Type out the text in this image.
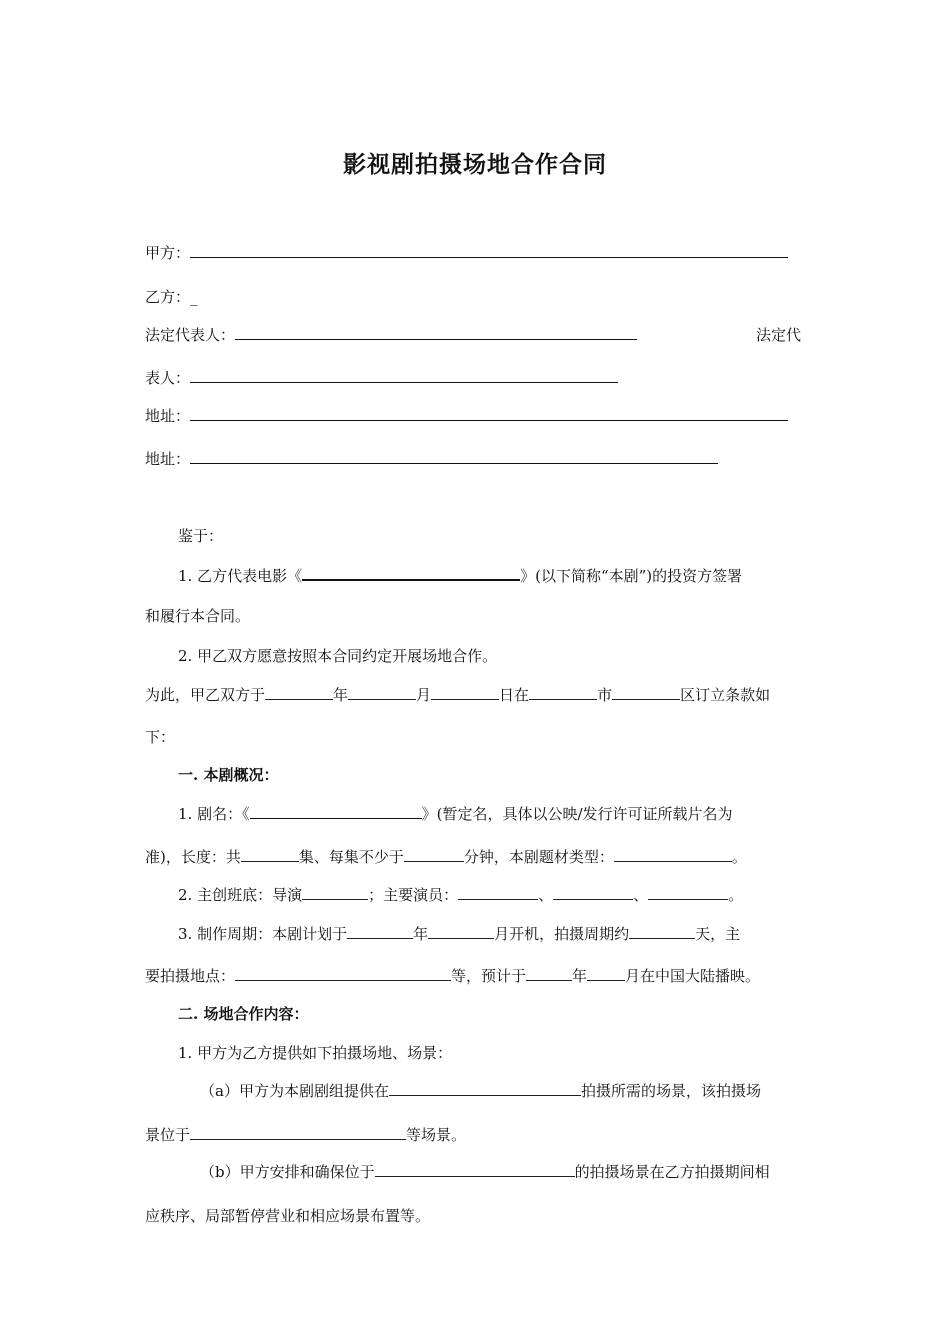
影视剧拍摄场地合作合同
甲方：
乙方：_
法定代表人：	法定代
表人：
地址：
地址：
鉴于：
1. 乙方代表电影《	》(以下简称“本剧”)的投资方签署
和履行本合同。
2. 甲乙双方愿意按照本合同约定开展场地合作。
为此，甲乙双方于	年	月	日在	市	区订立条款如
下：
一. 本剧概况：
1. 剧名：《	》(暂定名，具体以公映/发行许可证所载片名为
准)，长度：共	集、每集不少于	分钟，本剧题材类型：	。
2. 主创班底：导演	；主要演员：	、	、	。
3. 制作周期：本剧计划于	年	月开机，拍摄周期约	天，主
要拍摄地点：	等，预计于	年	月在中国大陆播映。
二. 场地合作内容：
1. 甲方为乙方提供如下拍摄场地、场景：
（a）甲方为本剧剧组提供在	拍摄所需的场景，该拍摄场
景位于	等场景。
（b）甲方安排和确保位于	的拍摄场景在乙方拍摄期间相
应秩序、局部暂停营业和相应场景布置等。
